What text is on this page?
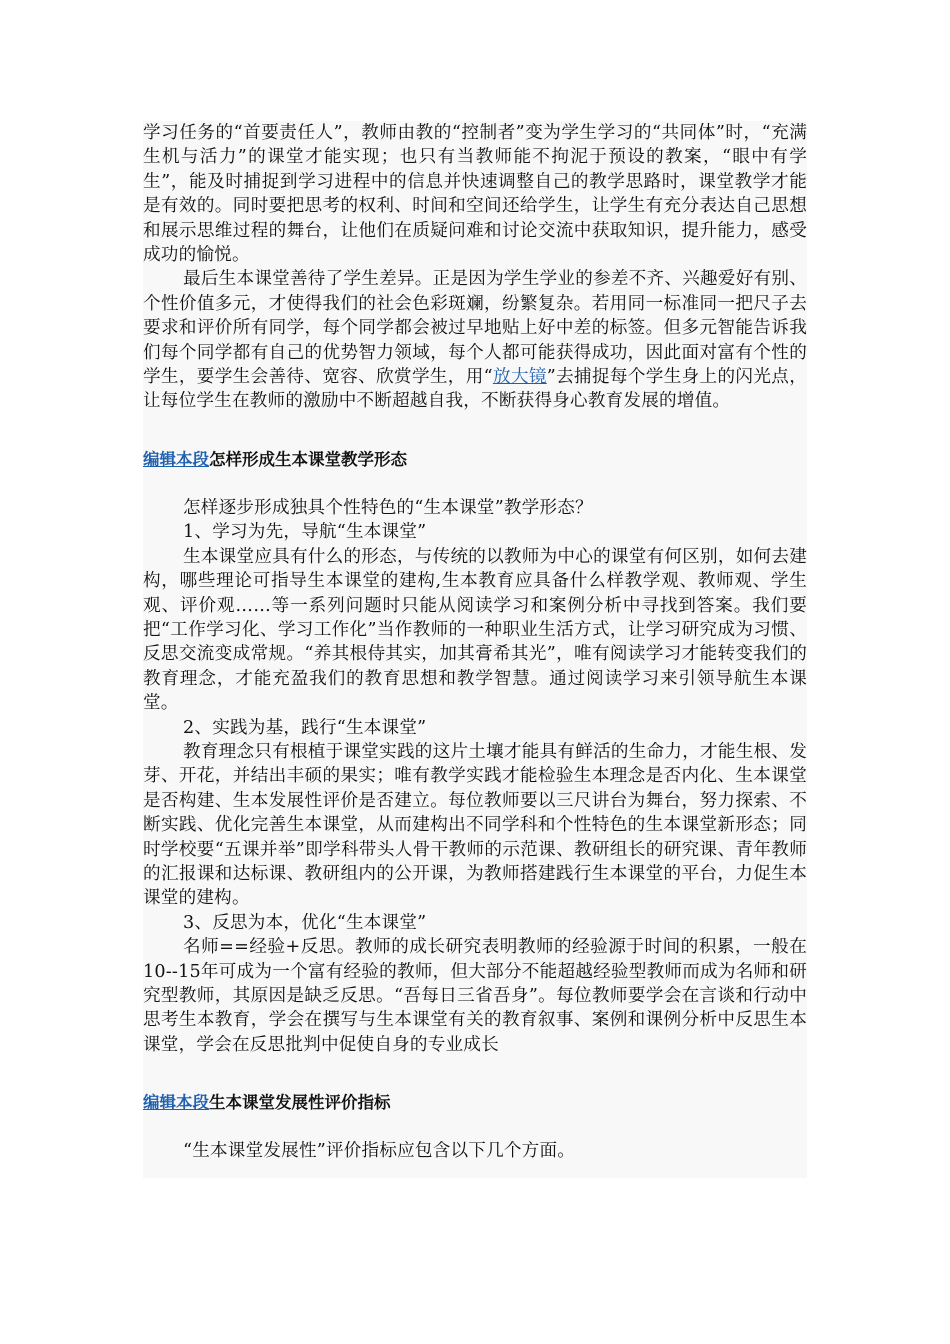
学习任务的“首要责任人”，教师由教的“控制者”变为学生学习的“共同体”时，“充满生机与活力”的课堂才能实现；也只有当教师能不拘泥于预设的教案，“眼中有学生”，能及时捕捉到学习进程中的信息并快速调整自己的教学思路时，课堂教学才能是有效的。同时要把思考的权利、时间和空间还给学生，让学生有充分表达自己思想和展示思维过程的舞台，让他们在质疑问难和讨论交流中获取知识，提升能力，感受成功的愉悦。

最后生本课堂善待了学生差异。正是因为学生学业的参差不齐、兴趣爱好有别、个性价值多元，才使得我们的社会色彩斑斓，纷繁复杂。若用同一标准同一把尺子去要求和评价所有同学，每个同学都会被过早地贴上好中差的标签。但多元智能告诉我们每个同学都有自己的优势智力领域，每个人都可能获得成功，因此面对富有个性的学生，要学生会善待、宽容、欣赏学生，用“放大镜”去捕捉每个学生身上的闪光点，让每位学生在教师的激励中不断超越自我，不断获得身心教育发展的增值。

编辑本段怎样形成生本课堂教学形态

怎样逐步形成独具个性特色的“生本课堂”教学形态？

1、学习为先，导航“生本课堂”

生本课堂应具有什么的形态，与传统的以教师为中心的课堂有何区别，如何去建构，哪些理论可指导生本课堂的建构,生本教育应具备什么样教学观、教师观、学生观、评价观……等一系列问题时只能从阅读学习和案例分析中寻找到答案。我们要把“工作学习化、学习工作化”当作教师的一种职业生活方式，让学习研究成为习惯、反思交流变成常规。“养其根侍其实，加其膏希其光”，唯有阅读学习才能转变我们的教育理念，才能充盈我们的教育思想和教学智慧。通过阅读学习来引领导航生本课堂。

2、实践为基，践行“生本课堂”

教育理念只有根植于课堂实践的这片土壤才能具有鲜活的生命力，才能生根、发芽、开花，并结出丰硕的果实；唯有教学实践才能检验生本理念是否内化、生本课堂是否构建、生本发展性评价是否建立。每位教师要以三尺讲台为舞台，努力探索、不断实践、优化完善生本课堂，从而建构出不同学科和个性特色的生本课堂新形态；同时学校要“五课并举”即学科带头人骨干教师的示范课、教研组长的研究课、青年教师的汇报课和达标课、教研组内的公开课，为教师搭建践行生本课堂的平台，力促生本课堂的建构。

3、反思为本，优化“生本课堂”

名师==经验+反思。教师的成长研究表明教师的经验源于时间的积累，一般在10--15年可成为一个富有经验的教师，但大部分不能超越经验型教师而成为名师和研究型教师，其原因是缺乏反思。“吾每日三省吾身”。每位教师要学会在言谈和行动中思考生本教育，学会在撰写与生本课堂有关的教育叙事、案例和课例分析中反思生本课堂，学会在反思批判中促使自身的专业成长

编辑本段生本课堂发展性评价指标

“生本课堂发展性”评价指标应包含以下几个方面。
